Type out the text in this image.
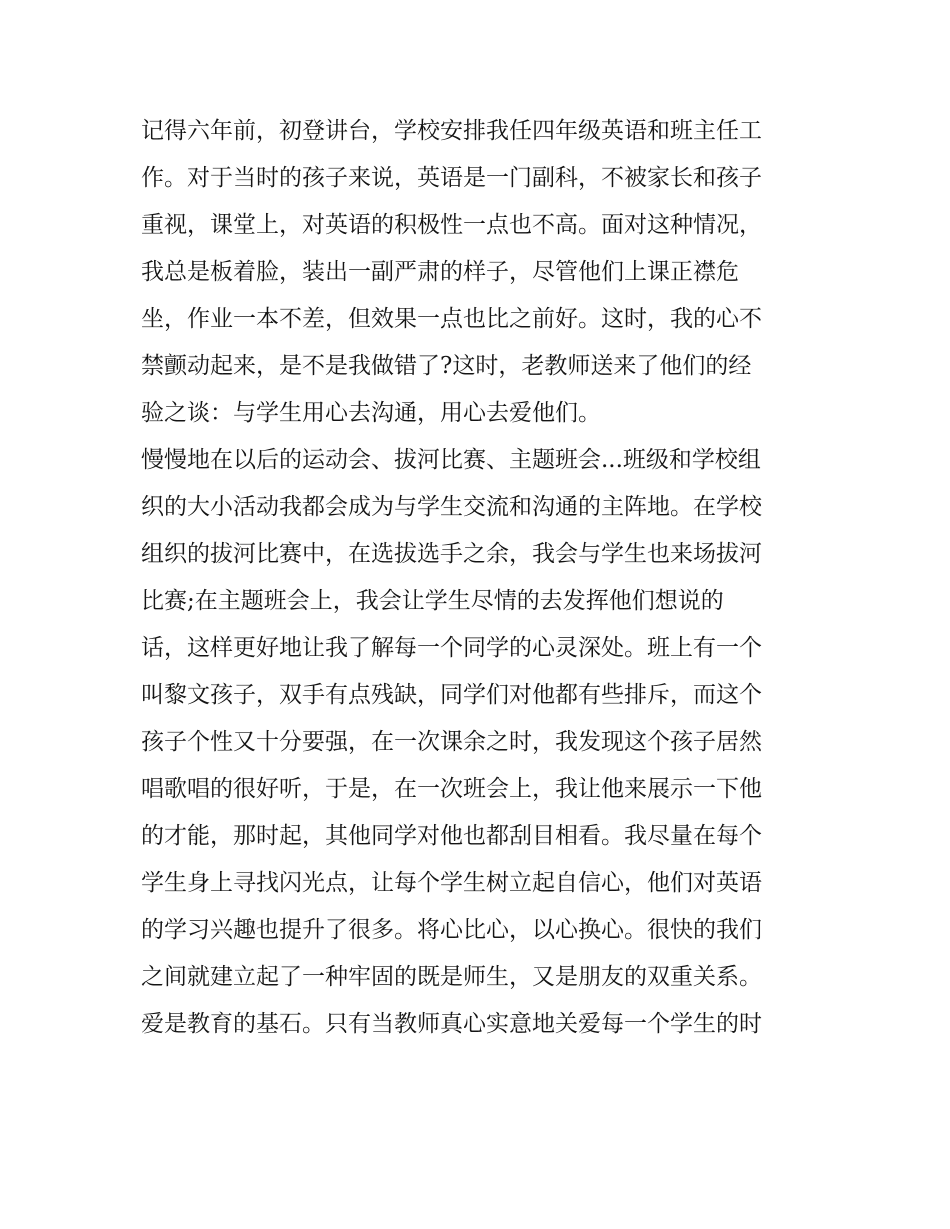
记得六年前，初登讲台，学校安排我任四年级英语和班主任工
作。对于当时的孩子来说，英语是一门副科，不被家长和孩子
重视，课堂上，对英语的积极性一点也不高。面对这种情况，
我总是板着脸，装出一副严肃的样子，尽管他们上课正襟危
坐，作业一本不差，但效果一点也比之前好。这时，我的心不
禁颤动起来，是不是我做错了?这时，老教师送来了他们的经
验之谈：与学生用心去沟通，用心去爱他们。
慢慢地在以后的运动会、拔河比赛、主题班会...班级和学校组
织的大小活动我都会成为与学生交流和沟通的主阵地。在学校
组织的拔河比赛中，在选拔选手之余，我会与学生也来场拔河
比赛;在主题班会上，我会让学生尽情的去发挥他们想说的
话，这样更好地让我了解每一个同学的心灵深处。班上有一个
叫黎文孩子，双手有点残缺，同学们对他都有些排斥，而这个
孩子个性又十分要强，在一次课余之时，我发现这个孩子居然
唱歌唱的很好听，于是，在一次班会上，我让他来展示一下他
的才能，那时起，其他同学对他也都刮目相看。我尽量在每个
学生身上寻找闪光点，让每个学生树立起自信心，他们对英语
的学习兴趣也提升了很多。将心比心，以心换心。很快的我们
之间就建立起了一种牢固的既是师生，又是朋友的双重关系。
爱是教育的基石。只有当教师真心实意地关爱每一个学生的时
